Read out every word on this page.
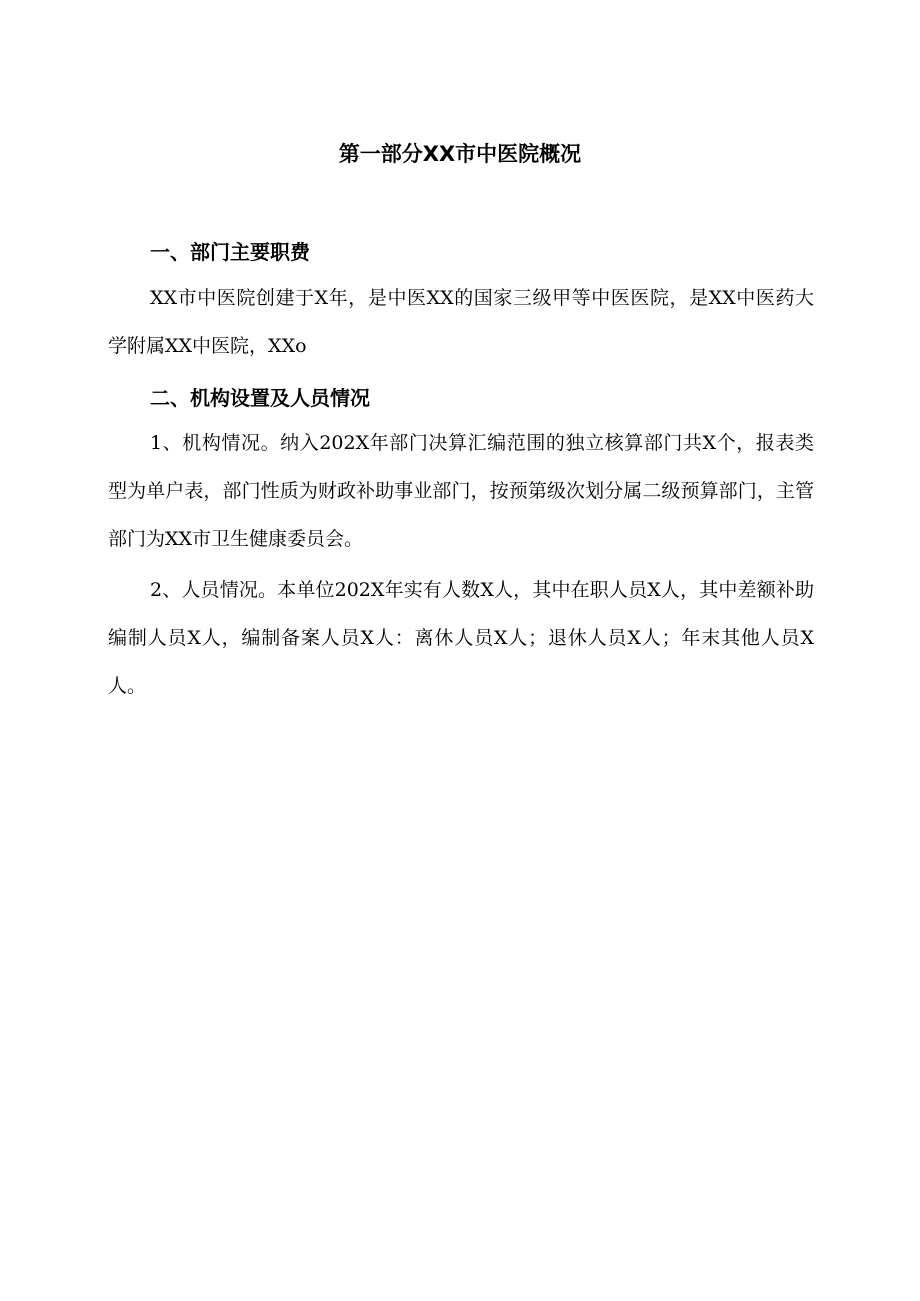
第一部分XX市中医院概况
一、部门主要职费
XX市中医院创建于X年，是中医XX的国家三级甲等中医医院，是XX中医药大学附属XX中医院，XXo
二、机构设置及人员情况
1、机构情况。纳入202X年部门决算汇编范围的独立核算部门共X个，报表类型为单户表，部门性质为财政补助事业部门，按预第级次划分属二级预算部门，主管部门为XX市卫生健康委员会。
2、人员情况。本单位202X年实有人数X人，其中在职人员X人，其中差额补助编制人员X人，编制备案人员X人：离休人员X人；退休人员X人；年末其他人员X人。
